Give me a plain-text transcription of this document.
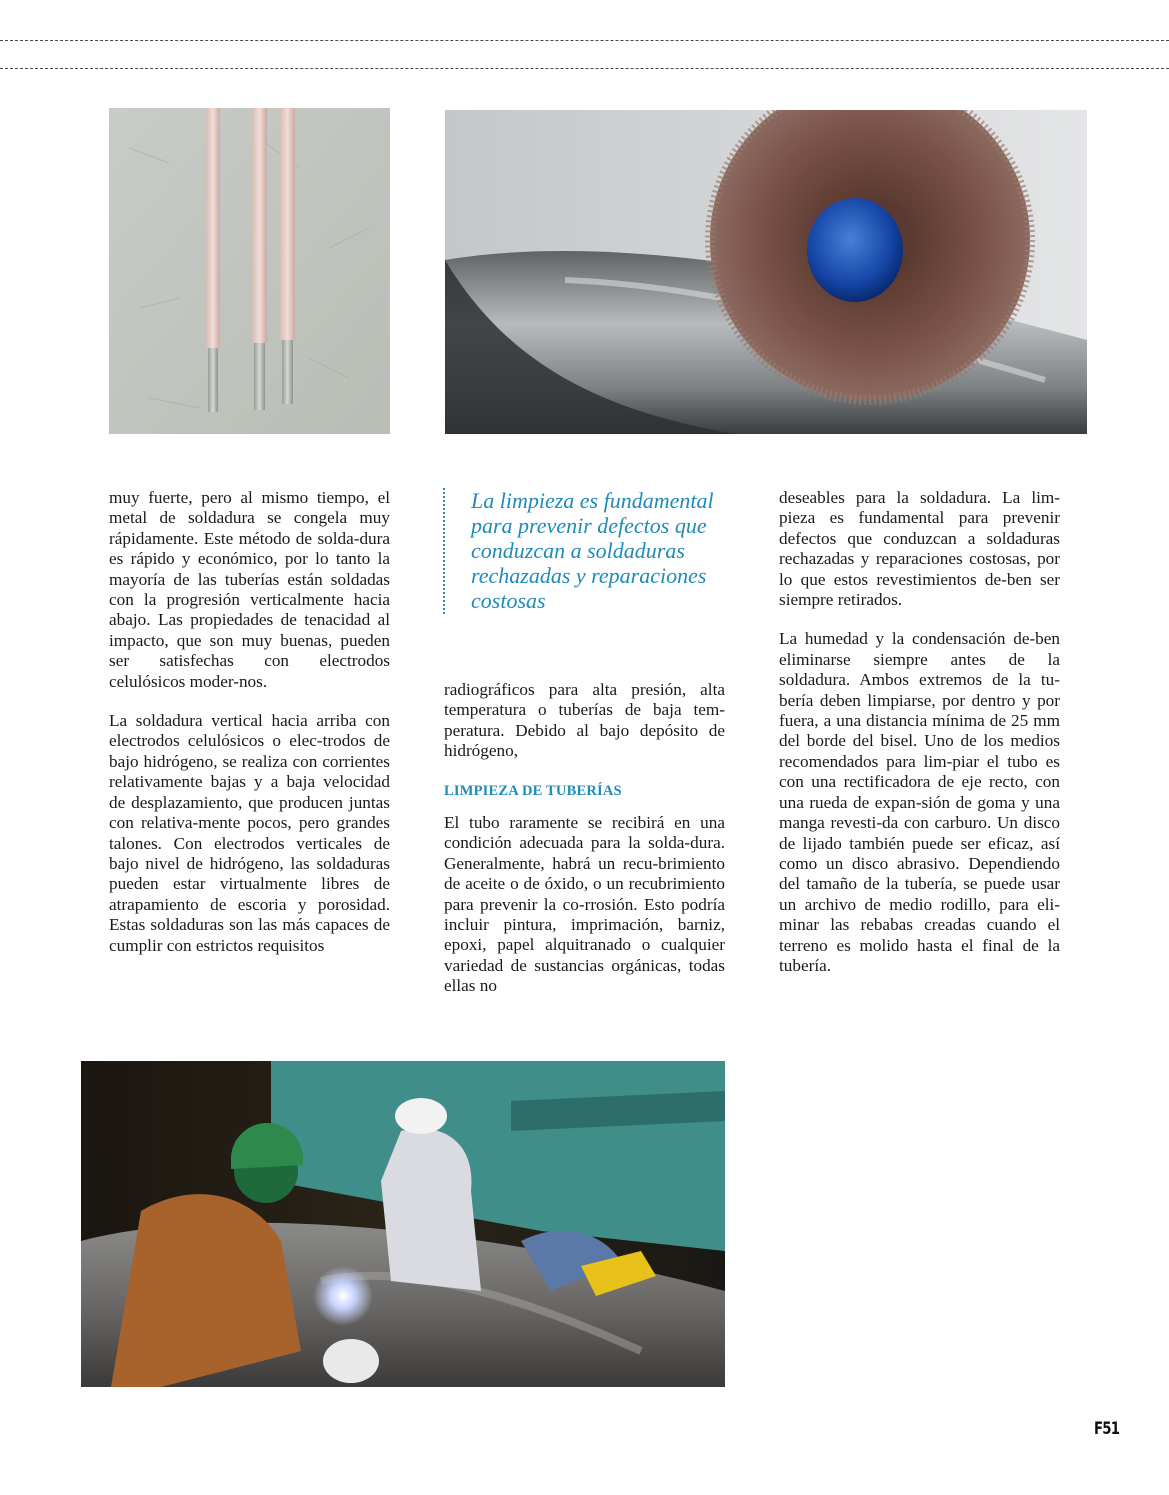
muy fuerte, pero al mismo tiempo, el metal de soldadura se congela muy rápidamente. Este método de solda-dura es rápido y económico, por lo tanto la mayoría de las tuberías están soldadas con la progresión verticalmente hacia abajo. Las propiedades de tenacidad al impacto, que son muy buenas, pueden ser satisfechas con electrodos celulósicos moder-nos.

La soldadura vertical hacia arriba con electrodos celulósicos o elec-trodos de bajo hidrógeno, se realiza con corrientes relativamente bajas y a baja velocidad de desplazamiento, que producen juntas con relativa-mente pocos, pero grandes talones. Con electrodos verticales de bajo nivel de hidrógeno, las soldaduras pueden estar virtualmente libres de atrapamiento de escoria y porosidad. Estas soldaduras son las más capaces de cumplir con estrictos requisitos

La limpieza es fundamental para prevenir defectos que conduzcan a soldaduras rechazadas y reparaciones costosas

radiográficos para alta presión, alta temperatura o tuberías de baja tem-peratura. Debido al bajo depósito de hidrógeno,

LIMPIEZA DE TUBERÍAS

El tubo raramente se recibirá en una condición adecuada para la solda-dura. Generalmente, habrá un recu-brimiento de aceite o de óxido, o un recubrimiento para prevenir la co-rrosión. Esto podría incluir pintura, imprimación, barniz, epoxi, papel alquitranado o cualquier variedad de sustancias orgánicas, todas ellas no

deseables para la soldadura. La lim-pieza es fundamental para prevenir defectos que conduzcan a soldaduras rechazadas y reparaciones costosas, por lo que estos revestimientos de-ben ser siempre retirados.

La humedad y la condensación de-ben eliminarse siempre antes de la soldadura. Ambos extremos de la tu-bería deben limpiarse, por dentro y por fuera, a una distancia mínima de 25 mm del borde del bisel. Uno de los medios recomendados para lim-piar el tubo es con una rectificadora de eje recto, con una rueda de expan-sión de goma y una manga revesti-da con carburo. Un disco de lijado también puede ser eficaz, así como un disco abrasivo. Dependiendo del tamaño de la tubería, se puede usar un archivo de medio rodillo, para eli-minar las rebabas creadas cuando el terreno es molido hasta el final de la tubería.

F51
